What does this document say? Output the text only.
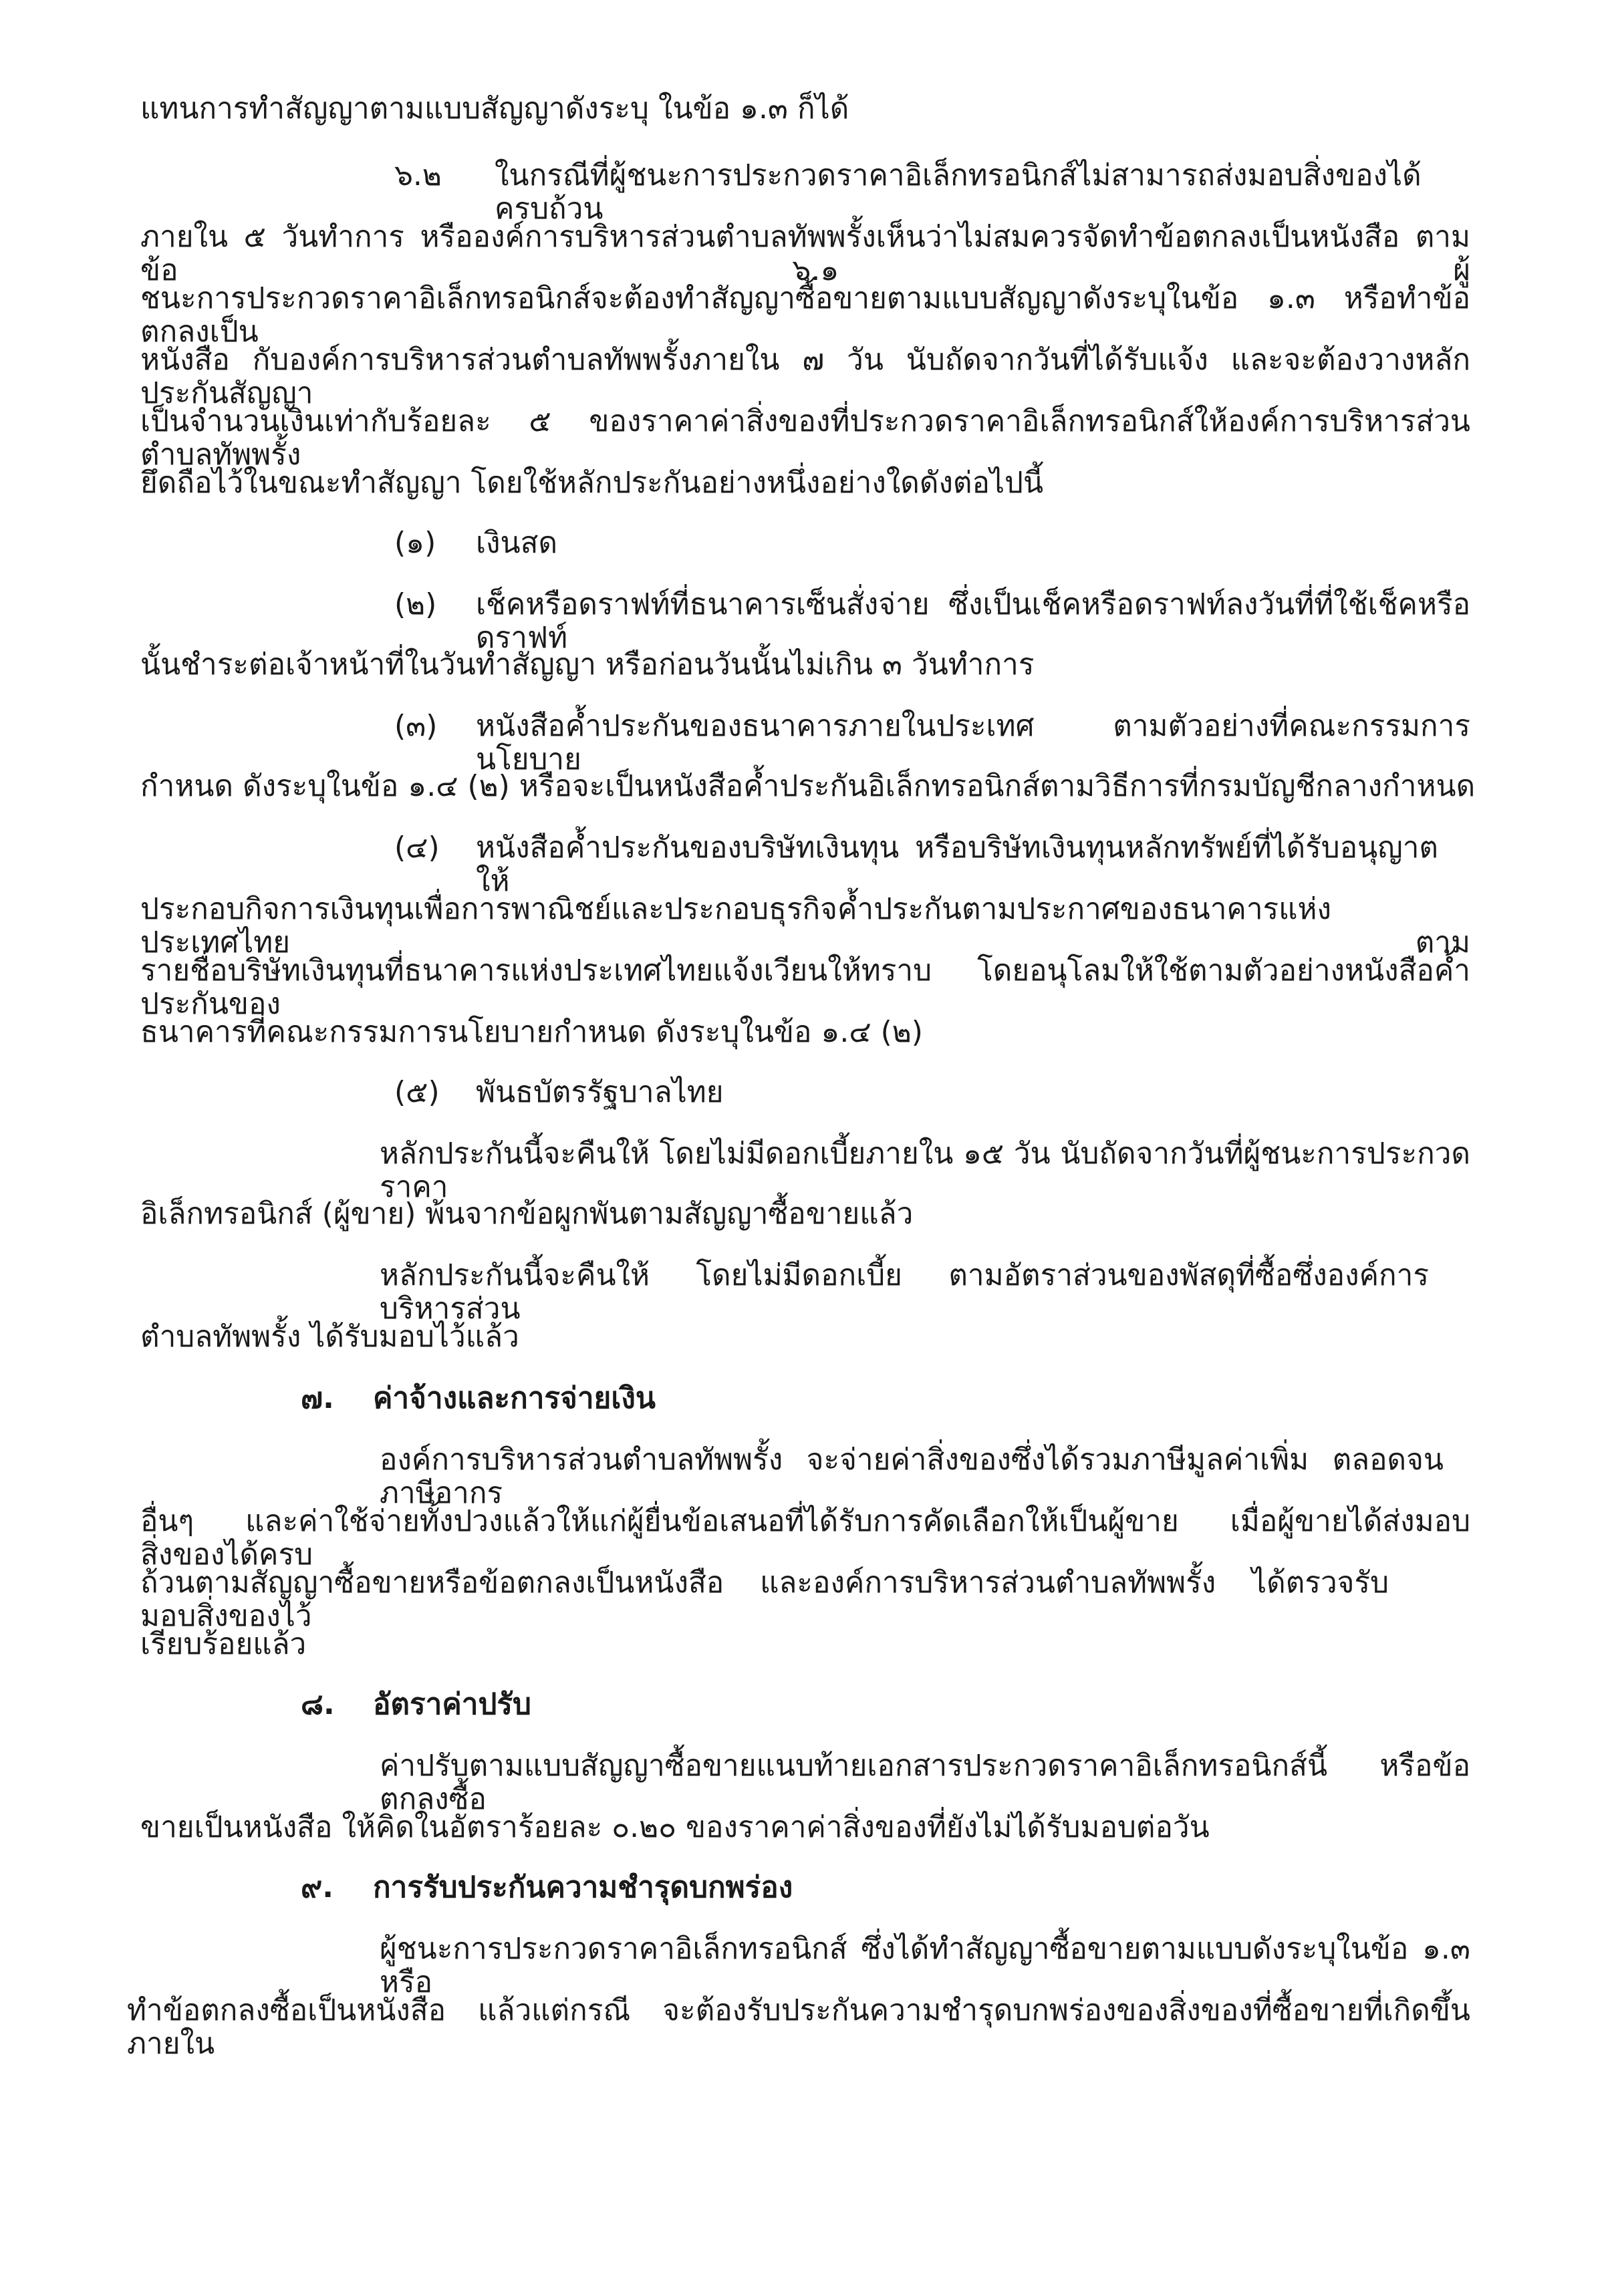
แทนการทำสัญญาตามแบบสัญญาดังระบุ ในข้อ ๑.๓ ก็ได้
๖.๒ ในกรณีที่ผู้ชนะการประกวดราคาอิเล็กทรอนิกส์ไม่สามารถส่งมอบสิ่งของได้ครบถ้วน
ภายใน ๕ วันทำการ หรือองค์การบริหารส่วนตำบลทัพพรั้งเห็นว่าไม่สมควรจัดทำข้อตกลงเป็นหนังสือ ตามข้อ ๖.๑ ผู้
ชนะการประกวดราคาอิเล็กทรอนิกส์จะต้องทำสัญญาซื้อขายตามแบบสัญญาดังระบุในข้อ ๑.๓ หรือทำข้อตกลงเป็น
หนังสือ กับองค์การบริหารส่วนตำบลทัพพรั้งภายใน ๗ วัน นับถัดจากวันที่ได้รับแจ้ง และจะต้องวางหลักประกันสัญญา
เป็นจำนวนเงินเท่ากับร้อยละ ๕ ของราคาค่าสิ่งของที่ประกวดราคาอิเล็กทรอนิกส์ให้องค์การบริหารส่วนตำบลทัพพรั้ง
ยึดถือไว้ในขณะทำสัญญา โดยใช้หลักประกันอย่างหนึ่งอย่างใดดังต่อไปนี้
(๑) เงินสด
(๒) เช็คหรือดราฟท์ที่ธนาคารเซ็นสั่งจ่าย ซึ่งเป็นเช็คหรือดราฟท์ลงวันที่ที่ใช้เช็คหรือดราฟท์
นั้นชำระต่อเจ้าหน้าที่ในวันทำสัญญา หรือก่อนวันนั้นไม่เกิน ๓ วันทำการ
(๓) หนังสือค้ำประกันของธนาคารภายในประเทศ ตามตัวอย่างที่คณะกรรมการนโยบาย
กำหนด ดังระบุในข้อ ๑.๔ (๒) หรือจะเป็นหนังสือค้ำประกันอิเล็กทรอนิกส์ตามวิธีการที่กรมบัญชีกลางกำหนด
(๔) หนังสือค้ำประกันของบริษัทเงินทุน หรือบริษัทเงินทุนหลักทรัพย์ที่ได้รับอนุญาตให้
ประกอบกิจการเงินทุนเพื่อการพาณิชย์และประกอบธุรกิจค้ำประกันตามประกาศของธนาคารแห่งประเทศไทย ตาม
รายชื่อบริษัทเงินทุนที่ธนาคารแห่งประเทศไทยแจ้งเวียนให้ทราบ โดยอนุโลมให้ใช้ตามตัวอย่างหนังสือค้ำประกันของ
ธนาคารที่คณะกรรมการนโยบายกำหนด ดังระบุในข้อ ๑.๔ (๒)
(๕) พันธบัตรรัฐบาลไทย
หลักประกันนี้จะคืนให้ โดยไม่มีดอกเบี้ยภายใน ๑๕ วัน นับถัดจากวันที่ผู้ชนะการประกวดราคา
อิเล็กทรอนิกส์ (ผู้ขาย) พ้นจากข้อผูกพันตามสัญญาซื้อขายแล้ว
หลักประกันนี้จะคืนให้ โดยไม่มีดอกเบี้ย ตามอัตราส่วนของพัสดุที่ซื้อซึ่งองค์การบริหารส่วน
ตำบลทัพพรั้ง ได้รับมอบไว้แล้ว
๗. ค่าจ้างและการจ่ายเงิน
องค์การบริหารส่วนตำบลทัพพรั้ง จะจ่ายค่าสิ่งของซึ่งได้รวมภาษีมูลค่าเพิ่ม ตลอดจนภาษีอากร
อื่นๆ และค่าใช้จ่ายทั้งปวงแล้วให้แก่ผู้ยื่นข้อเสนอที่ได้รับการคัดเลือกให้เป็นผู้ขาย เมื่อผู้ขายได้ส่งมอบสิ่งของได้ครบ
ถ้วนตามสัญญาซื้อขายหรือข้อตกลงเป็นหนังสือ และองค์การบริหารส่วนตำบลทัพพรั้ง ได้ตรวจรับมอบสิ่งของไว้
เรียบร้อยแล้ว
๘. อัตราค่าปรับ
ค่าปรับตามแบบสัญญาซื้อขายแนบท้ายเอกสารประกวดราคาอิเล็กทรอนิกส์นี้ หรือข้อตกลงซื้อ
ขายเป็นหนังสือ ให้คิดในอัตราร้อยละ ๐.๒๐ ของราคาค่าสิ่งของที่ยังไม่ได้รับมอบต่อวัน
๙. การรับประกันความชำรุดบกพร่อง
ผู้ชนะการประกวดราคาอิเล็กทรอนิกส์ ซึ่งได้ทำสัญญาซื้อขายตามแบบดังระบุในข้อ ๑.๓ หรือ
ทำข้อตกลงซื้อเป็นหนังสือ แล้วแต่กรณี จะต้องรับประกันความชำรุดบกพร่องของสิ่งของที่ซื้อขายที่เกิดขึ้นภายใน
